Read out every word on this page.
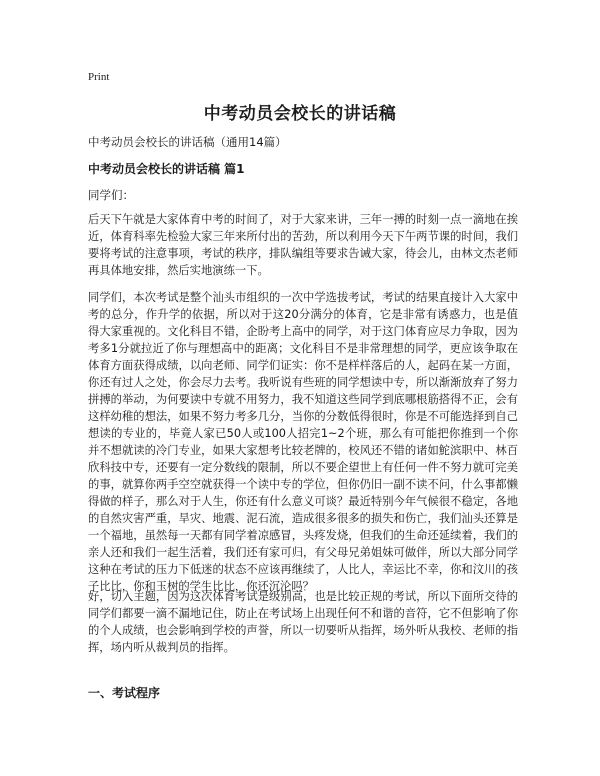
Print
中考动员会校长的讲话稿

中考动员会校长的讲话稿（通用14篇）

中考动员会校长的讲话稿 篇1

同学们：

后天下午就是大家体育中考的时间了，对于大家来讲，三年一搏的时刻一点一滴地在挨近，体育科率先检验大家三年来所付出的苦劲，所以利用今天下午两节课的时间，我们要将考试的注意事项，考试的秩序，排队编组等要求告诫大家，待会儿，由林文杰老师再具体地安排，然后实地演练一下。

同学们，本次考试是整个汕头市组织的一次中学选拔考试，考试的结果直接计入大家中考的总分，作升学的依据，所以对于这20分满分的体育，它是非常有诱惑力，也是值得大家重视的。文化科目不错，企盼考上高中的同学，对于这门体育应尽力争取，因为考多1分就拉近了你与理想高中的距离；文化科目不是非常理想的同学，更应该争取在体育方面获得成绩，以向老师、同学们证实：你不是样样落后的人，起码在某一方面，你还有过人之处，你会尽力去考。我听说有些班的同学想读中专，所以渐渐放弃了努力拼搏的举动，为何要读中专就不用努力，我不知道这些同学到底哪根筋搭得不正，会有这样幼稚的想法，如果不努力考多几分，当你的分数低得很时，你是不可能选择到自己想读的专业的，毕竟人家已50人或100人招完1~2个班，那么有可能把你推到一个你并不想就读的冷门专业，如果大家想考比较老牌的，校风还不错的诸如鮀滨职中、林百欣科技中专，还要有一定分数线的限制，所以不要企望世上有任何一件不努力就可完美的事，就算你两手空空就获得一个读中专的学位，但你仍旧一副不读不问，什么事都懒得做的样子，那么对于人生，你还有什么意义可谈？最近特别今年气候很不稳定，各地的自然灾害严重，旱灾、地震、泥石流，造成很多很多的损失和伤亡，我们汕头还算是一个福地，虽然每一天都有同学着凉感冒，头疼发烧，但我们的生命还延续着，我们的亲人还和我们一起生活着，我们还有家可归，有父母兄弟姐妹可做伴，所以大部分同学这种在考试的压力下低迷的状态不应该再继续了，人比人，幸运比不幸，你和汶川的孩子比比，你和玉树的学生比比，你还沉沦吗？

好，切入主题，因为这次体育考试是级别高，也是比较正规的考试，所以下面所交待的同学们都要一滴不漏地记住，防止在考试场上出现任何不和谐的音符，它不但影响了你的个人成绩，也会影响到学校的声誉，所以一切要听从指挥，场外听从我校、老师的指挥，场内听从裁判员的指挥。

一、考试程序
